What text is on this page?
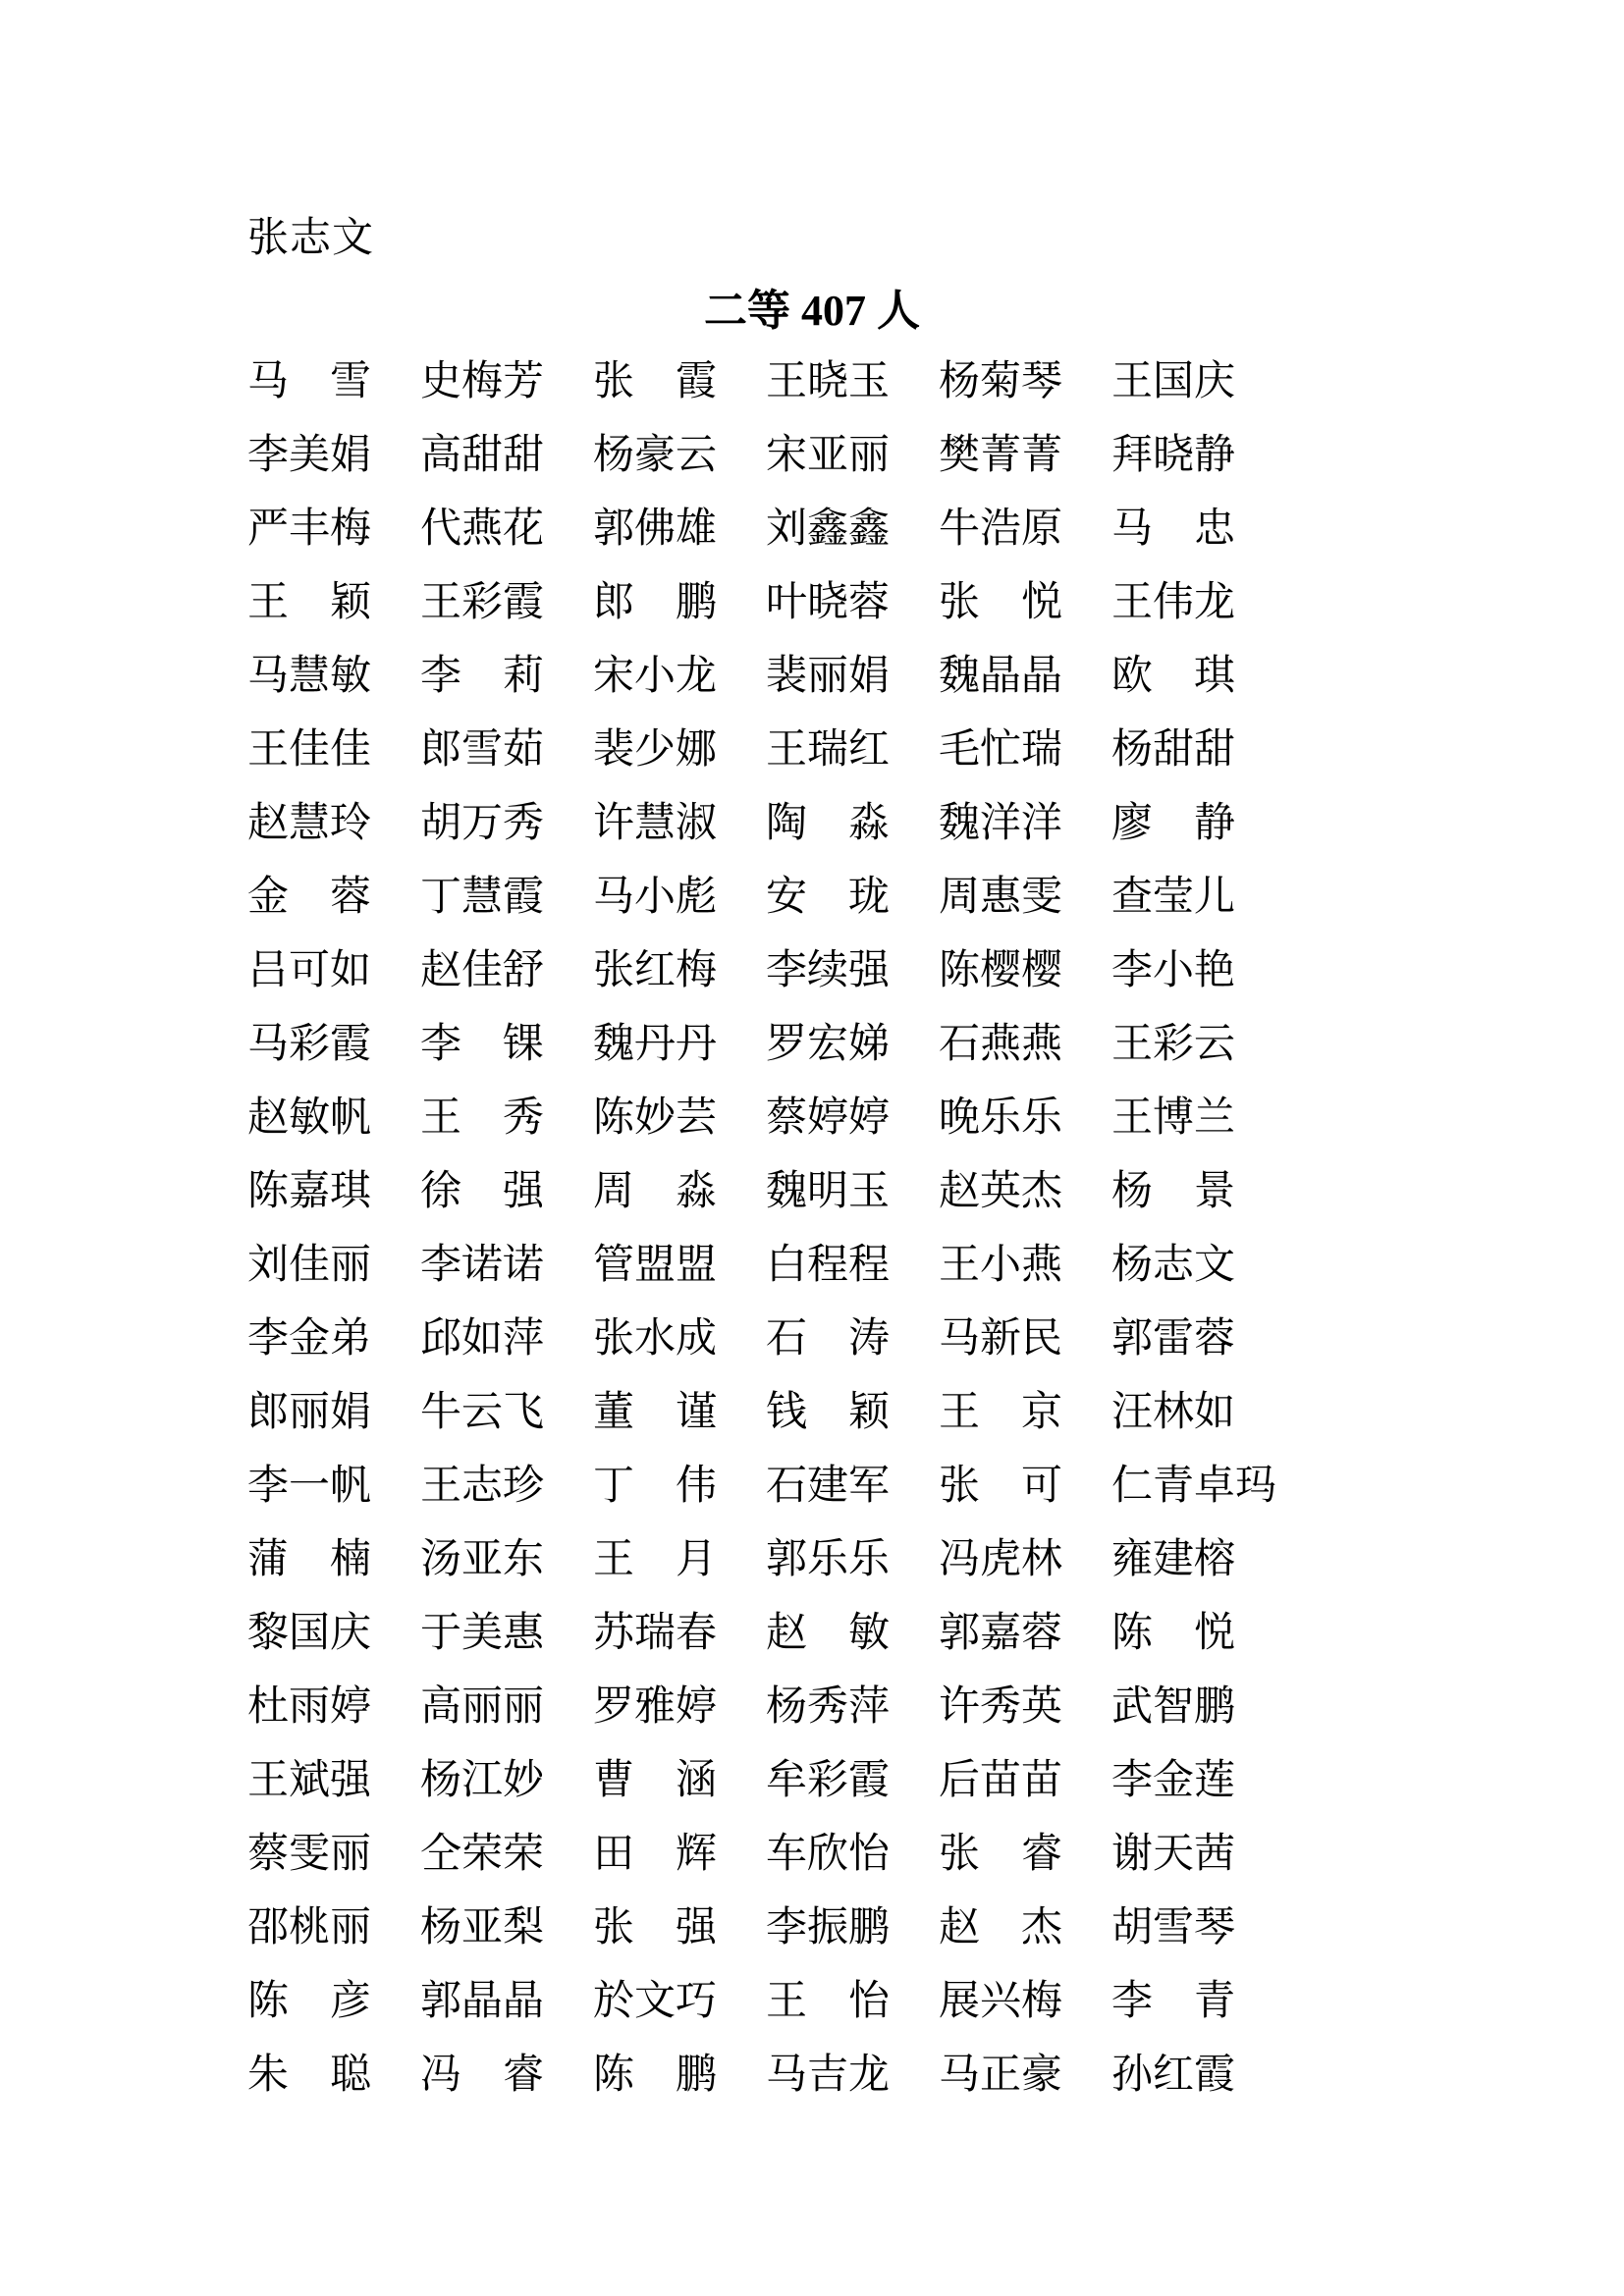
张志文
二等 407 人
马 雪 史 梅 芳 张 霞 王 晓 玉 杨 菊 琴 王 国 庆
李 美 娟 高 甜 甜 杨 豪 云 宋 亚 丽 樊 菁 菁 拜 晓 静
严 丰 梅 代 燕 花 郭 佛 雄 刘 鑫 鑫 牛 浩 原 马 忠
王 颖 王 彩 霞 郎 鹏 叶 晓 蓉 张 悦 王 伟 龙
马 慧 敏 李 莉 宋 小 龙 裴 丽 娟 魏 晶 晶 欧 琪
王 佳 佳 郎 雪 茹 裴 少 娜 王 瑞 红 毛 忙 瑞 杨 甜 甜
赵 慧 玲 胡 万 秀 许 慧 淑 陶 淼 魏 洋 洋 廖 静
金 蓉 丁 慧 霞 马 小 彪 安 珑 周 惠 雯 查 莹 儿
吕 可 如 赵 佳 舒 张 红 梅 李 续 强 陈 樱 樱 李 小 艳
马 彩 霞 李 锞 魏 丹 丹 罗 宏 娣 石 燕 燕 王 彩 云
赵 敏 帆 王 秀 陈 妙 芸 蔡 婷 婷 晚 乐 乐 王 博 兰
陈 嘉 琪 徐 强 周 淼 魏 明 玉 赵 英 杰 杨 景
刘 佳 丽 李 诺 诺 管 盟 盟 白 程 程 王 小 燕 杨 志 文
李 金 弟 邱 如 萍 张 水 成 石 涛 马 新 民 郭 雷 蓉
郎 丽 娟 牛 云 飞 董 谨 钱 颖 王 京 汪 林 如
李 一 帆 王 志 珍 丁 伟 石 建 军 张 可 仁 青 卓 玛
蒲 楠 汤 亚 东 王 月 郭 乐 乐 冯 虎 林 雍 建 榕
黎 国 庆 于 美 惠 苏 瑞 春 赵 敏 郭 嘉 蓉 陈 悦
杜 雨 婷 高 丽 丽 罗 雅 婷 杨 秀 萍 许 秀 英 武 智 鹏
王 斌 强 杨 江 妙 曹 涵 牟 彩 霞 后 苗 苗 李 金 莲
蔡 雯 丽 仝 荣 荣 田 辉 车 欣 怡 张 睿 谢 天 茜
邵 桃 丽 杨 亚 梨 张 强 李 振 鹏 赵 杰 胡 雪 琴
陈 彦 郭 晶 晶 於 文 巧 王 怡 展 兴 梅 李 青
朱 聪 冯 睿 陈 鹏 马 吉 龙 马 正 豪 孙 红 霞
